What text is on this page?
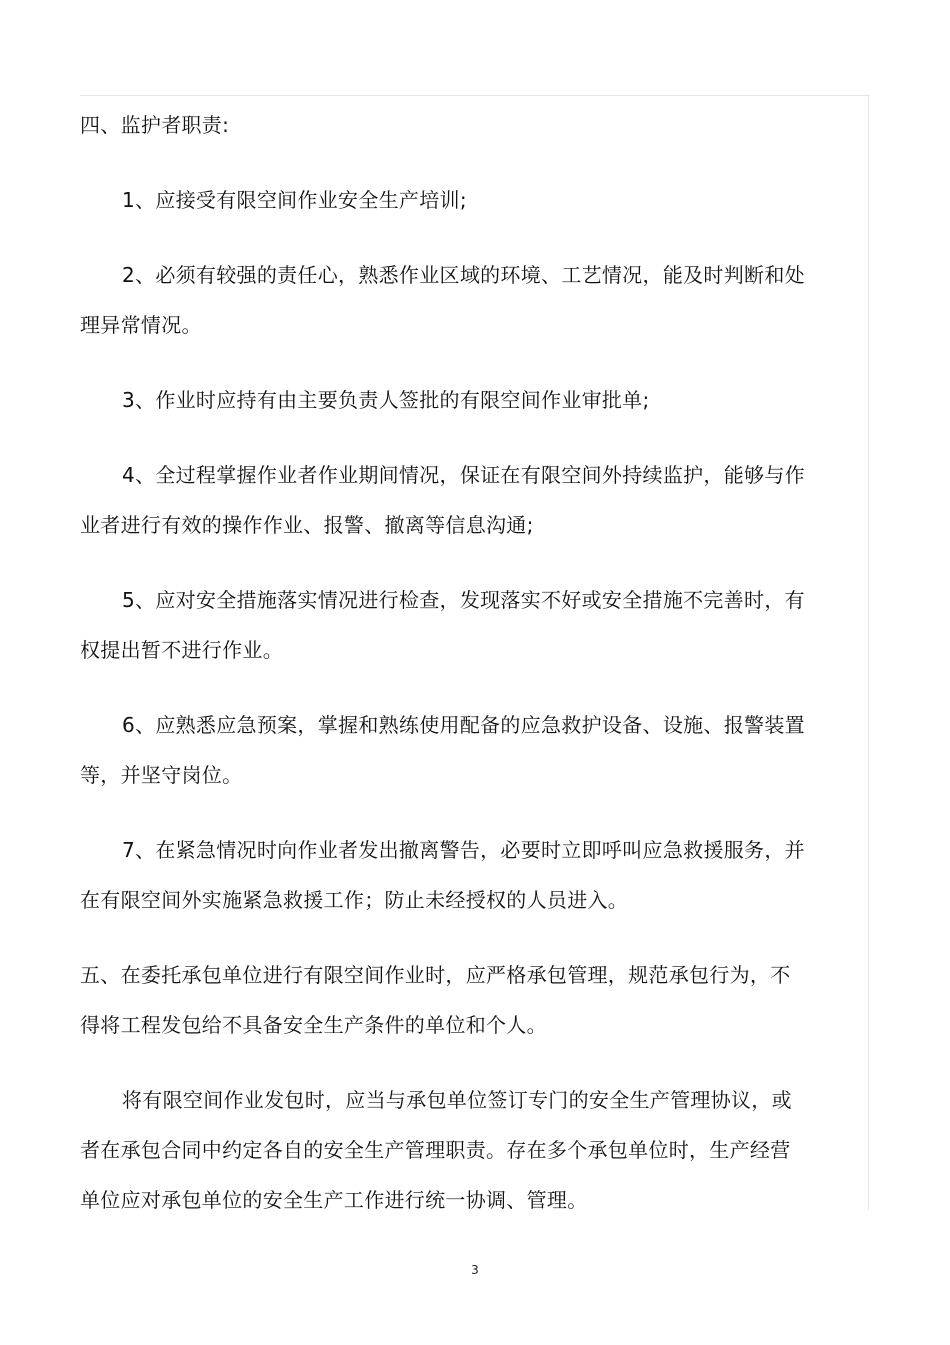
四、监护者职责:

1、应接受有限空间作业安全生产培训;

2、必须有较强的责任心，熟悉作业区域的环境、工艺情况，能及时判断和处
理异常情况。

3、作业时应持有由主要负责人签批的有限空间作业审批单;

4、全过程掌握作业者作业期间情况，保证在有限空间外持续监护，能够与作
业者进行有效的操作作业、报警、撤离等信息沟通;

5、应对安全措施落实情况进行检查，发现落实不好或安全措施不完善时，有
权提出暂不进行作业。

6、应熟悉应急预案，掌握和熟练使用配备的应急救护设备、设施、报警装置
等，并坚守岗位。

7、在紧急情况时向作业者发出撤离警告，必要时立即呼叫应急救援服务，并
在有限空间外实施紧急救援工作；防止未经授权的人员进入。

五、在委托承包单位进行有限空间作业时，应严格承包管理，规范承包行为，不
得将工程发包给不具备安全生产条件的单位和个人。

将有限空间作业发包时，应当与承包单位签订专门的安全生产管理协议，或
者在承包合同中约定各自的安全生产管理职责。存在多个承包单位时，生产经营
单位应对承包单位的安全生产工作进行统一协调、管理。

3
